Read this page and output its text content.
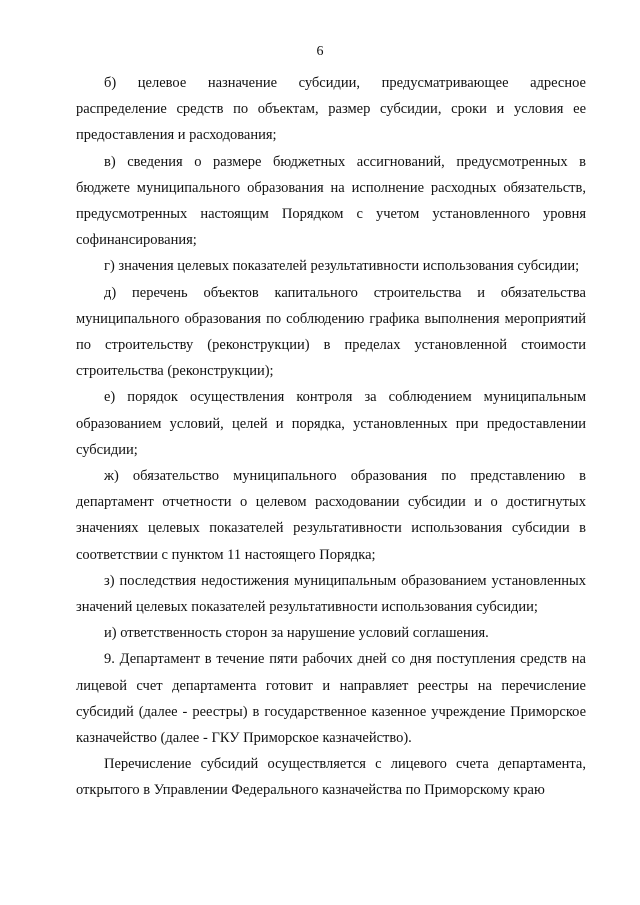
6

б) целевое назначение субсидии, предусматривающее адресное распределение средств по объектам, размер субсидии, сроки и условия ее предоставления и расходования;

в) сведения о размере бюджетных ассигнований, предусмотренных в бюджете муниципального образования на исполнение расходных обязательств, предусмотренных настоящим Порядком с учетом установленного уровня софинансирования;

г) значения целевых показателей результативности использования субсидии;

д) перечень объектов капитального строительства и обязательства муниципального образования по соблюдению графика выполнения мероприятий по строительству (реконструкции) в пределах установленной стоимости строительства (реконструкции);

е) порядок осуществления контроля за соблюдением муниципальным образованием условий, целей и порядка, установленных при предоставлении субсидии;

ж) обязательство муниципального образования по представлению в департамент отчетности о целевом расходовании субсидии и о достигнутых значениях целевых показателей результативности использования субсидии в соответствии с пунктом 11 настоящего Порядка;

з) последствия недостижения муниципальным образованием установленных значений целевых показателей результативности использования субсидии;

и) ответственность сторон за нарушение условий соглашения.

9. Департамент в течение пяти рабочих дней со дня поступления средств на лицевой счет департамента готовит и направляет реестры на перечисление субсидий (далее - реестры) в государственное казенное учреждение Приморское казначейство (далее - ГКУ Приморское казначейство).

Перечисление субсидий осуществляется с лицевого счета департамента, открытого в Управлении Федерального казначейства по Приморскому краю
